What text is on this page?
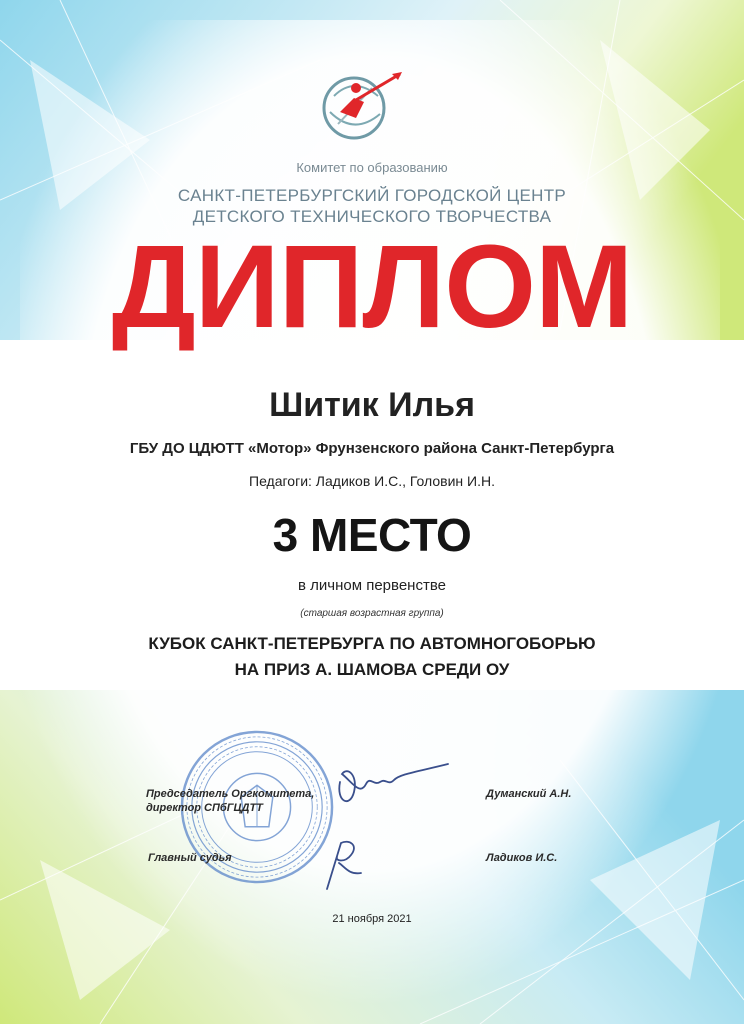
Комитет по образованию
САНКТ-ПЕТЕРБУРГСКИЙ ГОРОДСКОЙ ЦЕНТР
ДЕТСКОГО ТЕХНИЧЕСКОГО ТВОРЧЕСТВА
ДИПЛОМ
Шитик Илья
ГБУ ДО ЦДЮТТ «Мотор» Фрунзенского района Санкт-Петербурга
Педагоги: Ладиков И.С., Головин И.Н.
3 МЕСТО
в личном первенстве
(старшая возрастная группа)
КУБОК САНКТ-ПЕТЕРБУРГА ПО АВТОМНОГОБОРЬЮ
НА ПРИЗ А. ШАМОВА СРЕДИ ОУ
Председатель Оргкомитета,
директор СПбГЦДТТ
Думанский А.Н.
Главный судья	Ладиков И.С.
21 ноября 2021
